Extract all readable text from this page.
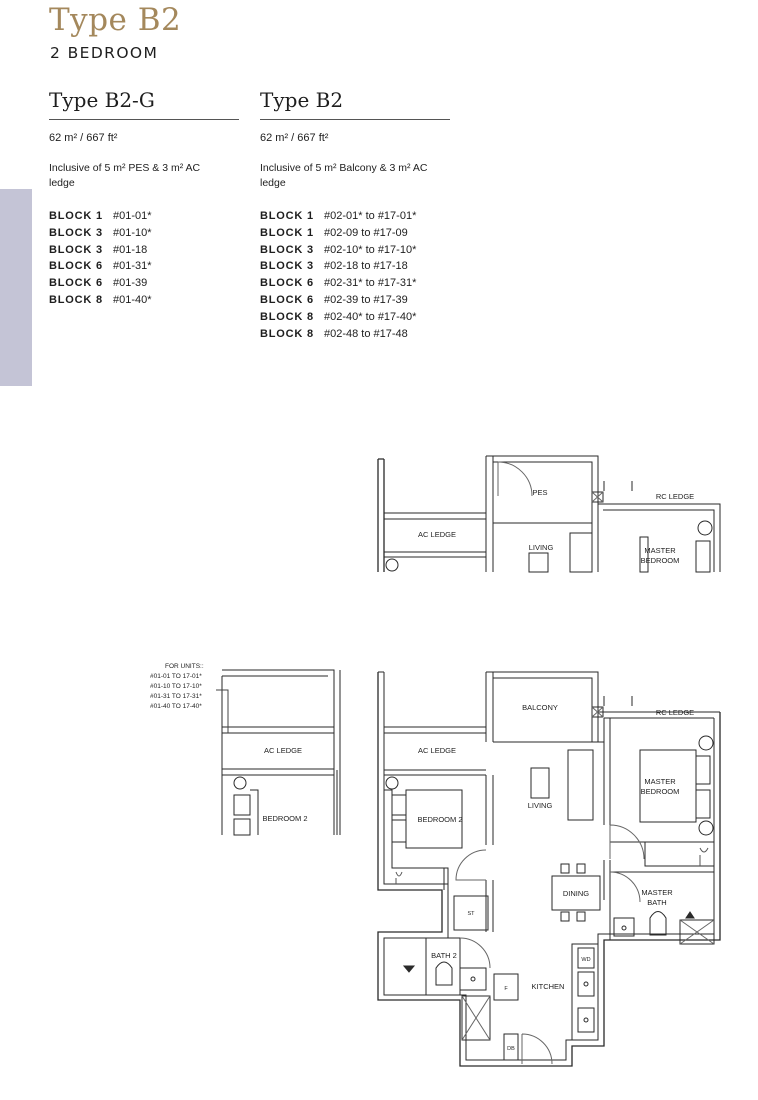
Type B2
2 BEDROOM
Type B2-G

62 m² / 667 ft²

Inclusive of 5 m² PES & 3 m² AC ledge

BLOCK 1 #01-01*
BLOCK 3 #01-10*
BLOCK 3 #01-18
BLOCK 6 #01-31*
BLOCK 6 #01-39
BLOCK 8 #01-40*
Type B2

62 m² / 667 ft²

Inclusive of 5 m² Balcony & 3 m² AC ledge

BLOCK 1 #02-01* to #17-01*
BLOCK 1 #02-09 to #17-09
BLOCK 3 #02-10* to #17-10*
BLOCK 3 #02-18 to #17-18
BLOCK 6 #02-31* to #17-31*
BLOCK 6 #02-39 to #17-39
BLOCK 8 #02-40* to #17-40*
BLOCK 8 #02-48 to #17-48
PES	RC LEDGE
AC LEDGE
LIVING	MASTER BEDROOM
FOR UNITS:: #01-01 TO 17-01* #01-10 TO 17-10* #01-31 TO 17-31* #01-40 TO 17-40*
AC LEDGE
BEDROOM 2
BALCONY
RC LEDGE
AC LEDGE
LIVING
MASTER BEDROOM
BEDROOM 2
DINING	MASTER BATH
ST
BATH 2	WD
F	KITCHEN
DB
